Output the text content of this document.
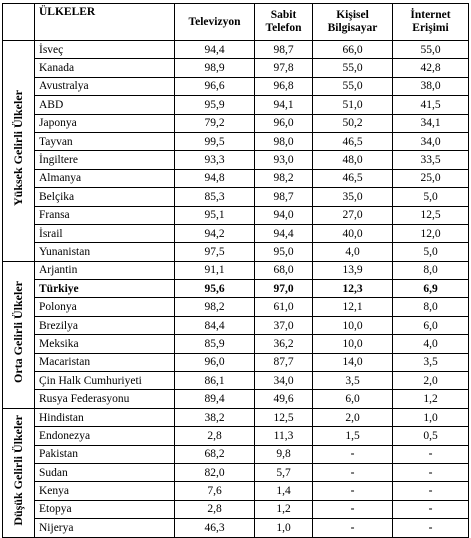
	ÜLKELER	Televizyon	Sabit Telefon	Kişisel Bilgisayar	İnternet Erişimi
Yüksek Gelirli Ülkeler	İsveç	94,4	98,7	66,0	55,0
	Kanada	98,9	97,8	55,0	42,8
	Avustralya	96,6	96,8	55,0	38,0
	ABD	95,9	94,1	51,0	41,5
	Japonya	79,2	96,0	50,2	34,1
	Tayvan	99,5	98,0	46,5	34,0
	İngiltere	93,3	93,0	48,0	33,5
	Almanya	94,8	98,2	46,5	25,0
	Belçika	85,3	98,7	35,0	5,0
	Fransa	95,1	94,0	27,0	12,5
	İsrail	94,2	94,4	40,0	12,0
	Yunanistan	97,5	95,0	4,0	5,0
Orta Gelirli Ülkeler	Arjantin	91,1	68,0	13,9	8,0
	Türkiye	95,6	97,0	12,3	6,9
	Polonya	98,2	61,0	12,1	8,0
	Brezilya	84,4	37,0	10,0	6,0
	Meksika	85,9	36,2	10,0	4,0
	Macaristan	96,0	87,7	14,0	3,5
	Çin Halk Cumhuriyeti	86,1	34,0	3,5	2,0
	Rusya Federasyonu	89,4	49,6	6,0	1,2
Düşük Gelirli Ülkeler	Hindistan	38,2	12,5	2,0	1,0
	Endonezya	2,8	11,3	1,5	0,5
	Pakistan	68,2	9,8	-	-
	Sudan	82,0	5,7	-	-
	Kenya	7,6	1,4	-	-
	Etopya	2,8	1,2	-	-
	Nijerya	46,3	1,0	-	-
